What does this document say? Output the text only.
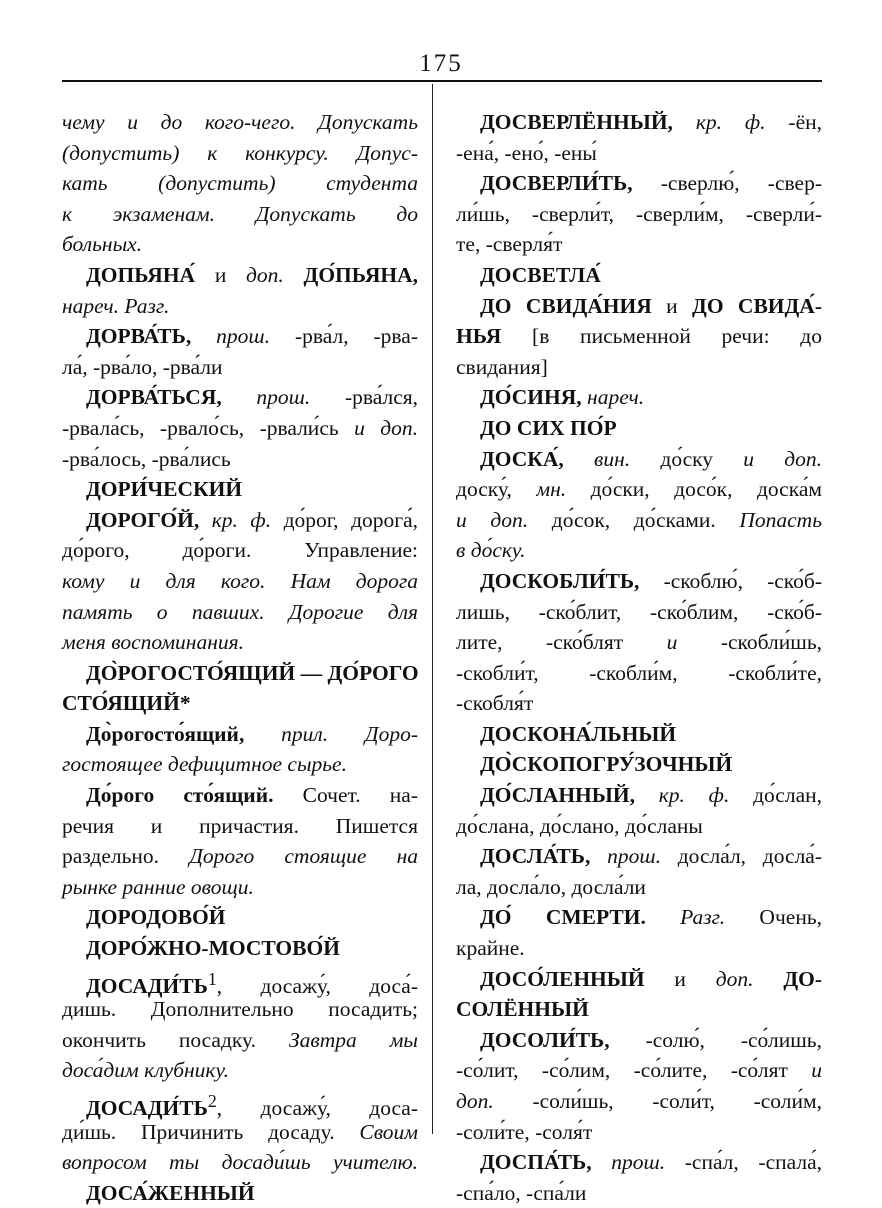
175
чему и до кого-чего. Допускать
(допустить) к конкурсу. Допус-
кать (допустить) студента
к экзаменам. Допускать до
больных.
ДОПЬЯНА́ и доп. ДО́ПЬЯНА,
нареч. Разг.
ДОРВА́ТЬ, прош. -рва́л, -рва-
ла́, -рва́ло, -рва́ли
ДОРВА́ТЬСЯ, прош. -рва́лся,
-рвала́сь, -рвало́сь, -рвали́сь и доп.
-рва́лось, -рва́лись
ДОРИ́ЧЕСКИЙ
ДОРОГО́Й, кр. ф. до́рог, дорога́,
до́рого, до́роги. Управление:
кому и для кого. Нам дорога
память о павших. Дорогие для
меня воспоминания.
ДО̀РОГОСТО́ЯЩИЙ — ДО́РОГО
СТО́ЯЩИЙ*
До̀рогосто́ящий, прил. Доро-
гостоящее дефицитное сырье.
До́рого сто́ящий. Сочет. на-
речия и причастия. Пишется
раздельно. Дорого стоящие на
рынке ранние овощи.
ДОРОДОВО́Й
ДОРО́ЖНО-МОСТОВО́Й
$ДОСАДИ́ТЬ^1$, досажу́, доса́-
дишь. Дополнительно посадить;
окончить посадку. Завтра мы
доса́дим клубнику.
$ДОСАДИ́ТЬ^2$, досажу́, доса-
ди́шь. Причинить досаду. Своим
вопросом ты досади́шь учителю.
ДОСА́ЖЕННЫЙ
ДОСВЕРЛЁННЫЙ, кр. ф. -ён,
-ена́, -ено́, -ены́
ДОСВЕРЛИ́ТЬ, -сверлю́, -свер-
ли́шь, -сверли́т, -сверли́м, -сверли́-
те, -сверля́т
ДОСВЕТЛА́
ДО СВИДА́НИЯ и ДО СВИДА́-
НЬЯ [в письменной речи: до
свидания]
ДО́СИНЯ, нареч.
ДО СИХ ПО́Р
ДОСКА́, вин. до́ску и доп.
доску́, мн. до́ски, досо́к, доска́м
и доп. до́сок, до́сками. Попасть
в до́ску.
ДОСКОБЛИ́ТЬ, -скоблю́, -ско́б-
лишь, -ско́блит, -ско́блим, -ско́б-
лите, -ско́блят и -скобли́шь,
-скобли́т, -скобли́м, -скобли́те,
-скобля́т
ДОСКОНА́ЛЬНЫЙ
ДО̀СКОПОГРУ́ЗОЧНЫЙ
ДО́СЛАННЫЙ, кр. ф. до́слан,
до́слана, до́слано, до́сланы
ДОСЛА́ТЬ, прош. досла́л, досла́-
ла, досла́ло, досла́ли
ДО́ СМЕРТИ. Разг. Очень,
крайне.
ДОСО́ЛЕННЫЙ и доп. ДО-
СОЛЁННЫЙ
ДОСОЛИ́ТЬ, -солю́, -со́лишь,
-со́лит, -со́лим, -со́лите, -со́лят и
доп. -соли́шь, -соли́т, -соли́м,
-соли́те, -соля́т
ДОСПА́ТЬ, прош. -спа́л, -спала́,
-спа́ло, -спа́ли
